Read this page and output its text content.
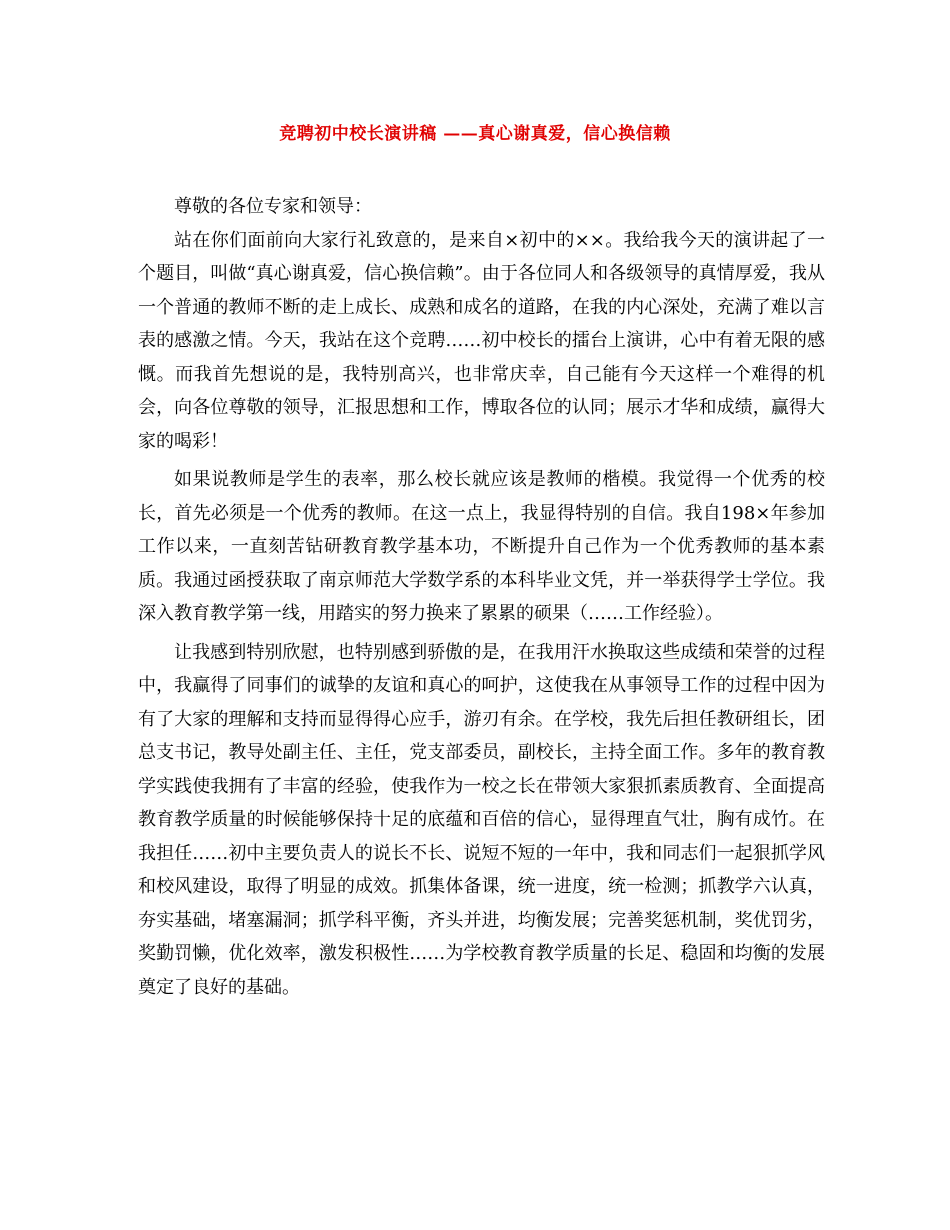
竞聘初中校长演讲稿 ——真心谢真爱，信心换信赖

尊敬的各位专家和领导：

站在你们面前向大家行礼致意的，是来自×初中的××。我给我今天的演讲起了一个题目，叫做“真心谢真爱，信心换信赖”。由于各位同人和各级领导的真情厚爱，我从一个普通的教师不断的走上成长、成熟和成名的道路，在我的内心深处，充满了难以言表的感激之情。今天，我站在这个竞聘……初中校长的擂台上演讲，心中有着无限的感慨。而我首先想说的是，我特别高兴，也非常庆幸，自己能有今天这样一个难得的机会，向各位尊敬的领导，汇报思想和工作，博取各位的认同；展示才华和成绩，赢得大家的喝彩！

如果说教师是学生的表率，那么校长就应该是教师的楷模。我觉得一个优秀的校长，首先必须是一个优秀的教师。在这一点上，我显得特别的自信。我自198×年参加工作以来，一直刻苦钻研教育教学基本功，不断提升自己作为一个优秀教师的基本素质。我通过函授获取了南京师范大学数学系的本科毕业文凭，并一举获得学士学位。我深入教育教学第一线，用踏实的努力换来了累累的硕果（……工作经验）。

让我感到特别欣慰，也特别感到骄傲的是，在我用汗水换取这些成绩和荣誉的过程中，我赢得了同事们的诚挚的友谊和真心的呵护，这使我在从事领导工作的过程中因为有了大家的理解和支持而显得得心应手，游刃有余。在学校，我先后担任教研组长，团总支书记，教导处副主任、主任，党支部委员，副校长，主持全面工作。多年的教育教学实践使我拥有了丰富的经验，使我作为一校之长在带领大家狠抓素质教育、全面提高教育教学质量的时候能够保持十足的底蕴和百倍的信心，显得理直气壮，胸有成竹。在我担任……初中主要负责人的说长不长、说短不短的一年中，我和同志们一起狠抓学风和校风建设，取得了明显的成效。抓集体备课，统一进度，统一检测；抓教学六认真，夯实基础，堵塞漏洞；抓学科平衡，齐头并进，均衡发展；完善奖惩机制，奖优罚劣，奖勤罚懒，优化效率，激发积极性……为学校教育教学质量的长足、稳固和均衡的发展奠定了良好的基础。
